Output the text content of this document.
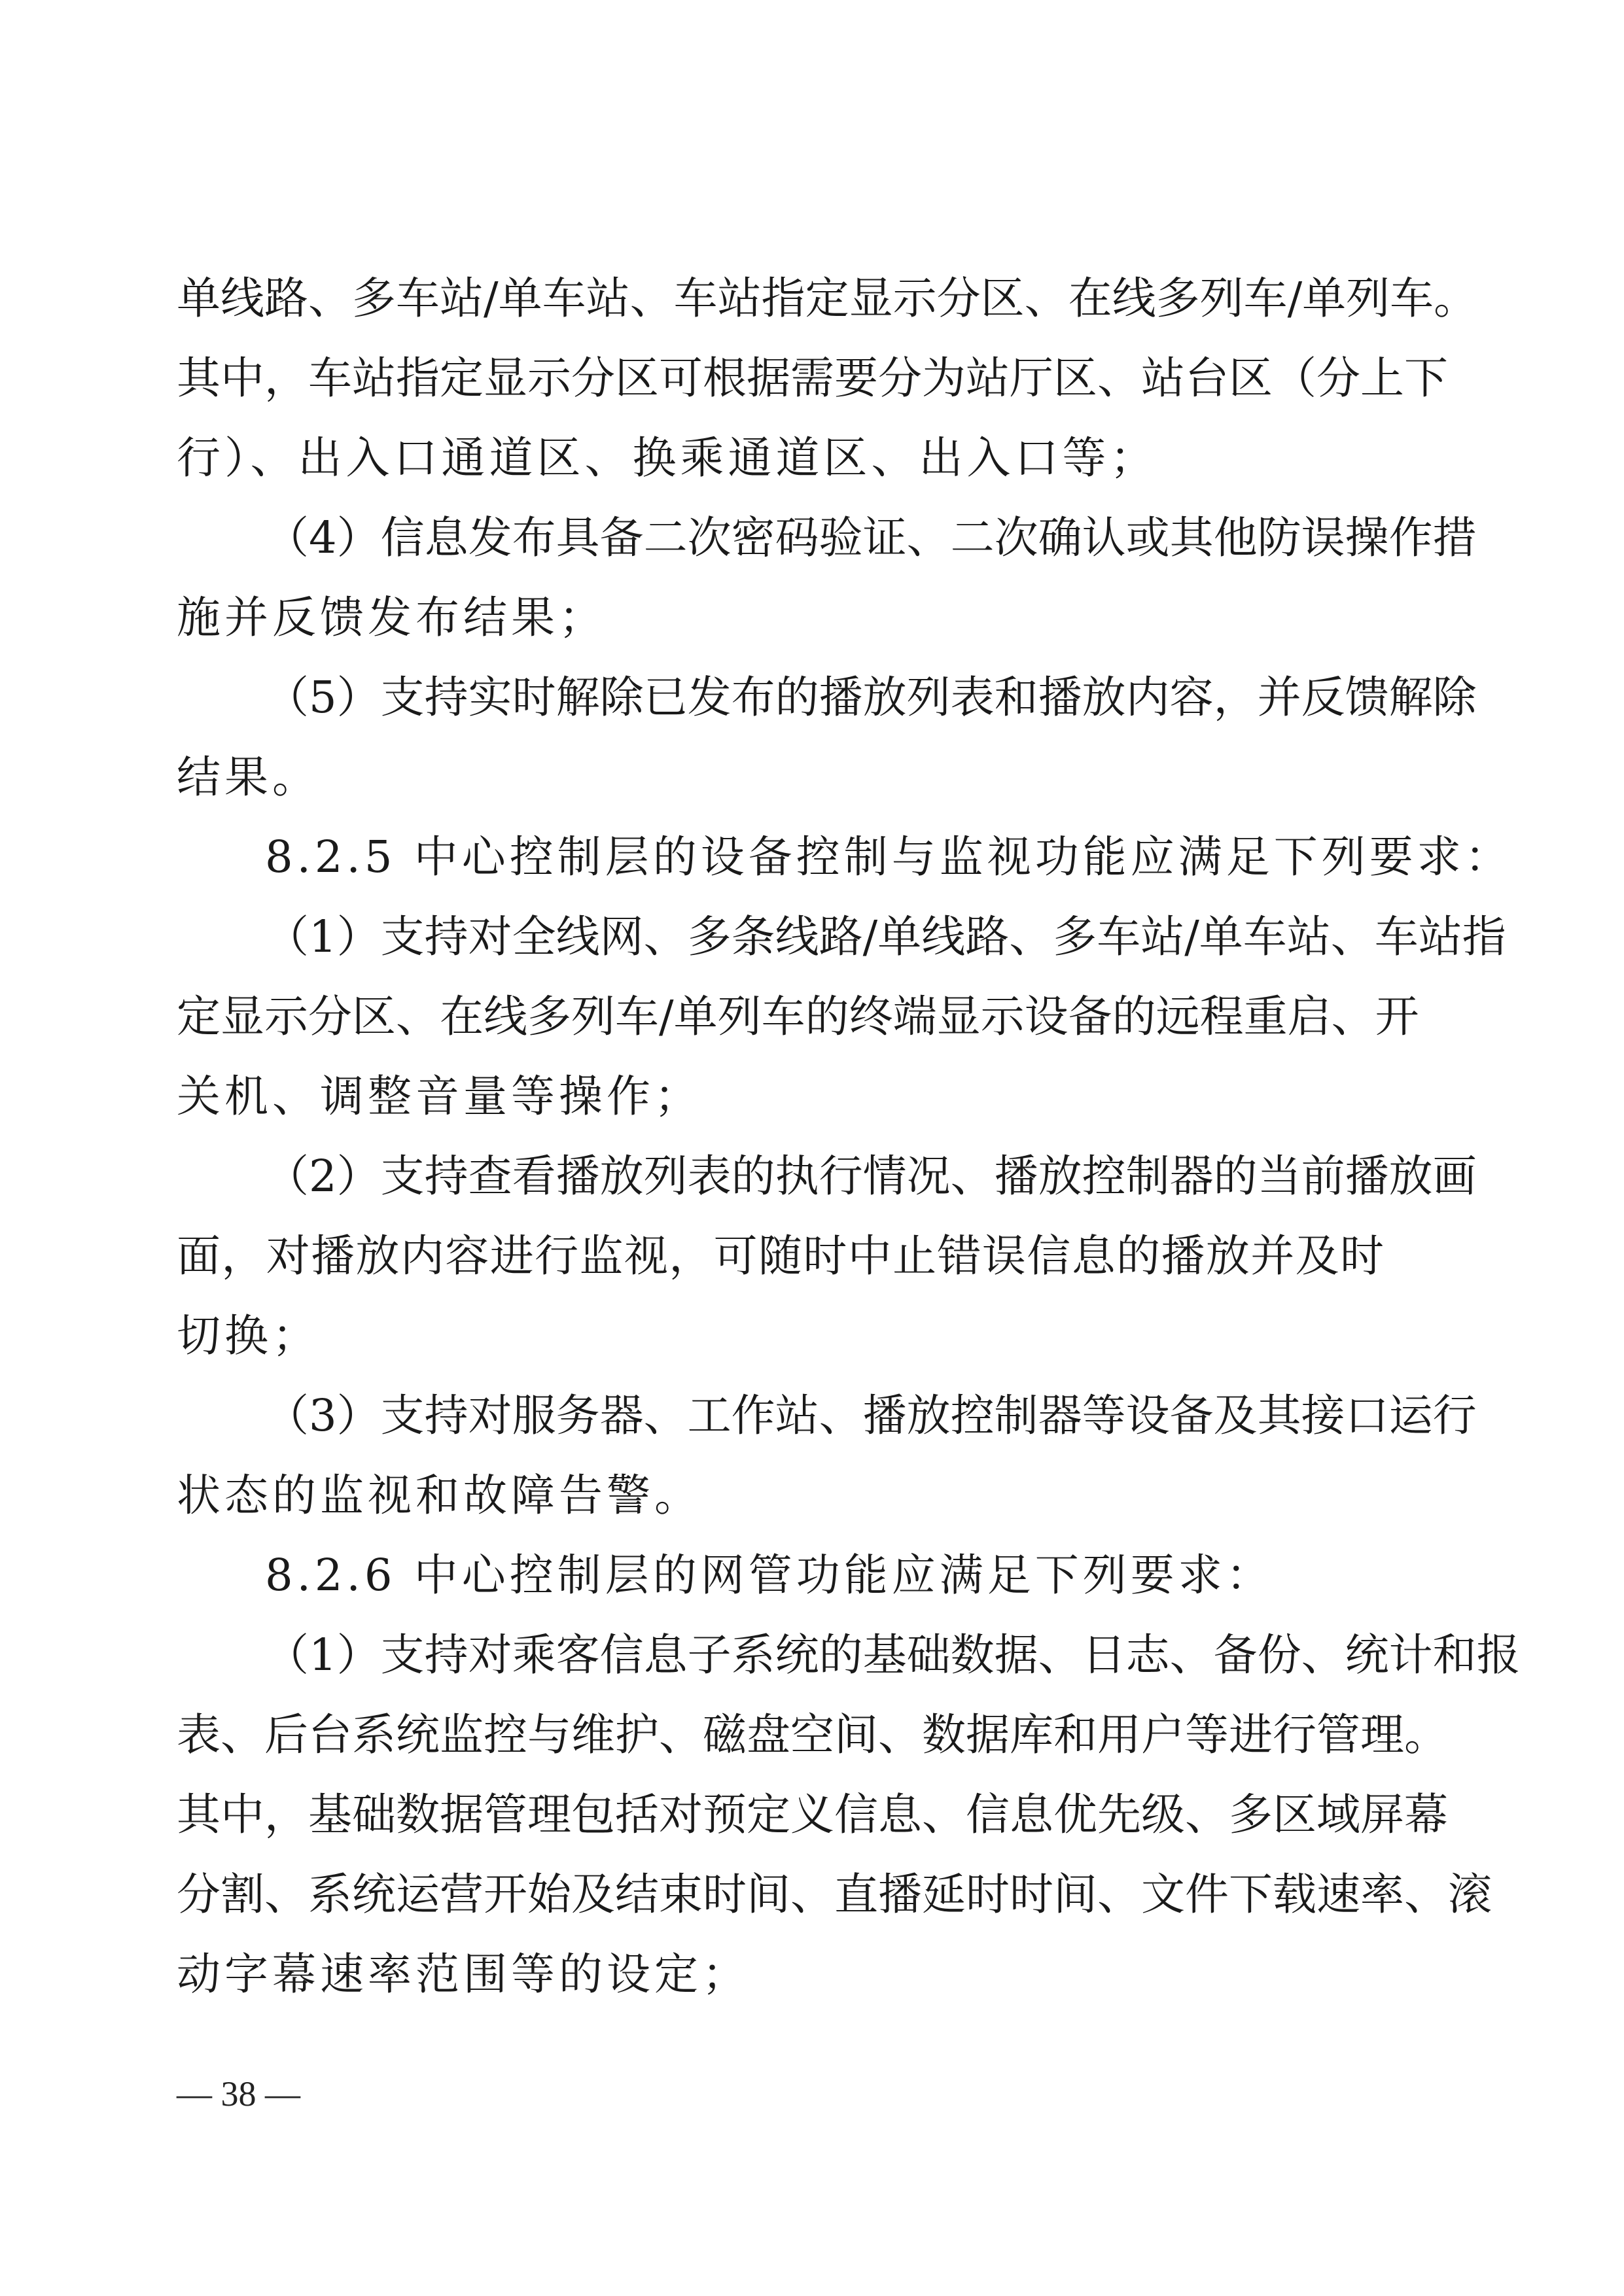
单线路、多车站/单车站、车站指定显示分区、在线多列车/单列车。
其中，车站指定显示分区可根据需要分为站厅区、站台区（分上下
行）、出入口通道区、换乘通道区、出入口等；
（4）信息发布具备二次密码验证、二次确认或其他防误操作措
施并反馈发布结果；
（5）支持实时解除已发布的播放列表和播放内容，并反馈解除
结果。
8.2.5 中心控制层的设备控制与监视功能应满足下列要求：
（1）支持对全线网、多条线路/单线路、多车站/单车站、车站指
定显示分区、在线多列车/单列车的终端显示设备的远程重启、开
关机、调整音量等操作；
（2）支持查看播放列表的执行情况、播放控制器的当前播放画
面，对播放内容进行监视，可随时中止错误信息的播放并及时
切换；
（3）支持对服务器、工作站、播放控制器等设备及其接口运行
状态的监视和故障告警。
8.2.6 中心控制层的网管功能应满足下列要求：
（1）支持对乘客信息子系统的基础数据、日志、备份、统计和报
表、后台系统监控与维护、磁盘空间、数据库和用户等进行管理。
其中，基础数据管理包括对预定义信息、信息优先级、多区域屏幕
分割、系统运营开始及结束时间、直播延时时间、文件下载速率、滚
动字幕速率范围等的设定；
— 38 —
